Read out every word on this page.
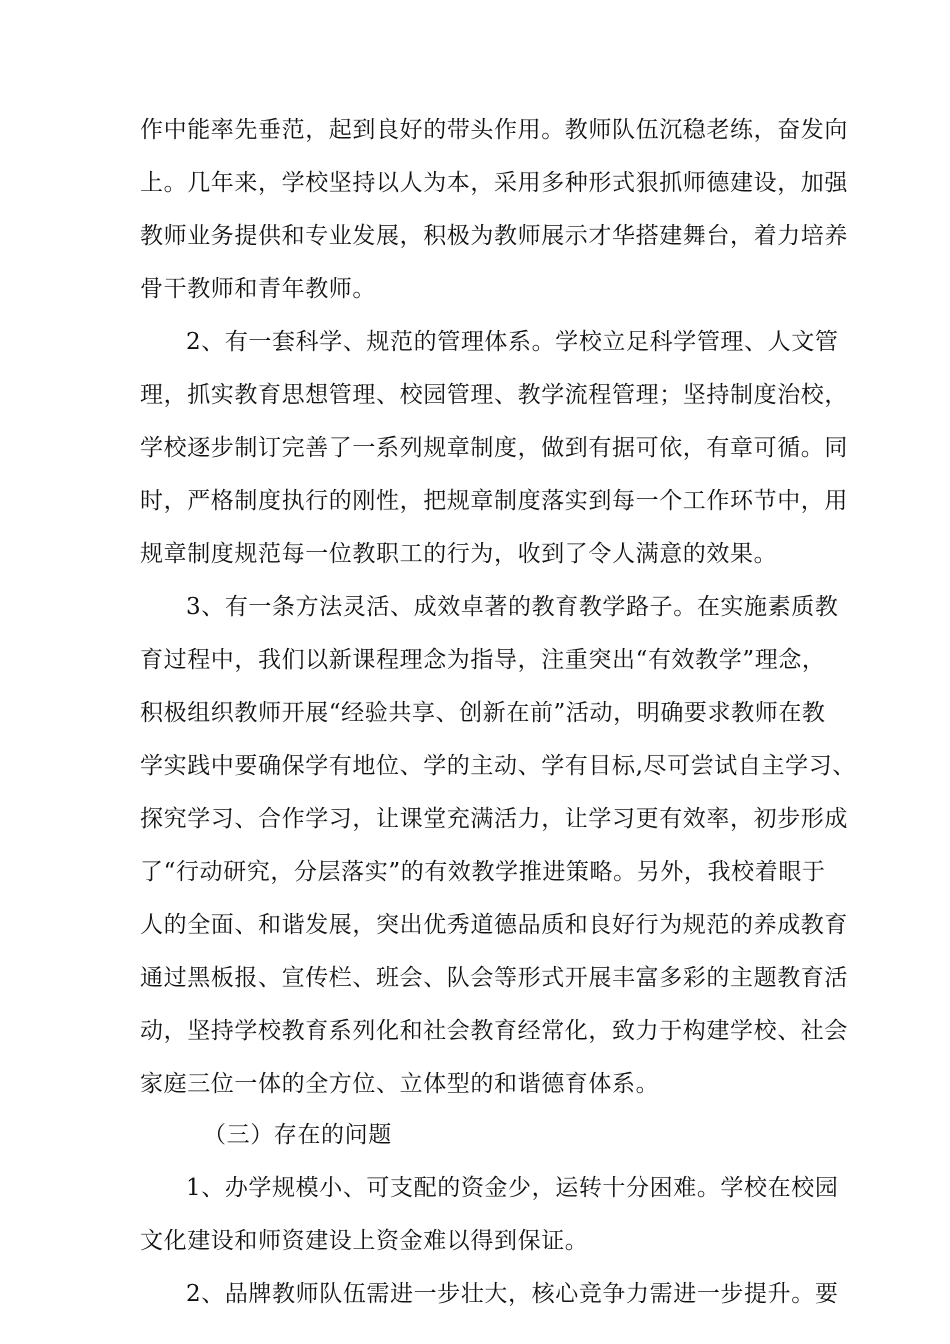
作中能率先垂范，起到良好的带头作用。教师队伍沉稳老练，奋发向
上。几年来，学校坚持以人为本，采用多种形式狠抓师德建设，加强
教师业务提供和专业发展，积极为教师展示才华搭建舞台，着力培养
骨干教师和青年教师。
2、有一套科学、规范的管理体系。学校立足科学管理、人文管
理，抓实教育思想管理、校园管理、教学流程管理；坚持制度治校，
学校逐步制订完善了一系列规章制度，做到有据可依，有章可循。同
时，严格制度执行的刚性，把规章制度落实到每一个工作环节中，用
规章制度规范每一位教职工的行为，收到了令人满意的效果。
3、有一条方法灵活、成效卓著的教育教学路子。在实施素质教
育过程中，我们以新课程理念为指导，注重突出“有效教学”理念，
积极组织教师开展“经验共享、创新在前”活动，明确要求教师在教
学实践中要确保学有地位、学的主动、学有目标,尽可尝试自主学习、
探究学习、合作学习，让课堂充满活力，让学习更有效率，初步形成
了“行动研究，分层落实”的有效教学推进策略。另外，我校着眼于
人的全面、和谐发展，突出优秀道德品质和良好行为规范的养成教育
通过黑板报、宣传栏、班会、队会等形式开展丰富多彩的主题教育活
动，坚持学校教育系列化和社会教育经常化，致力于构建学校、社会
家庭三位一体的全方位、立体型的和谐德育体系。
（三）存在的问题
1、办学规模小、可支配的资金少，运转十分困难。学校在校园
文化建设和师资建设上资金难以得到保证。
2、品牌教师队伍需进一步壮大，核心竞争力需进一步提升。要
